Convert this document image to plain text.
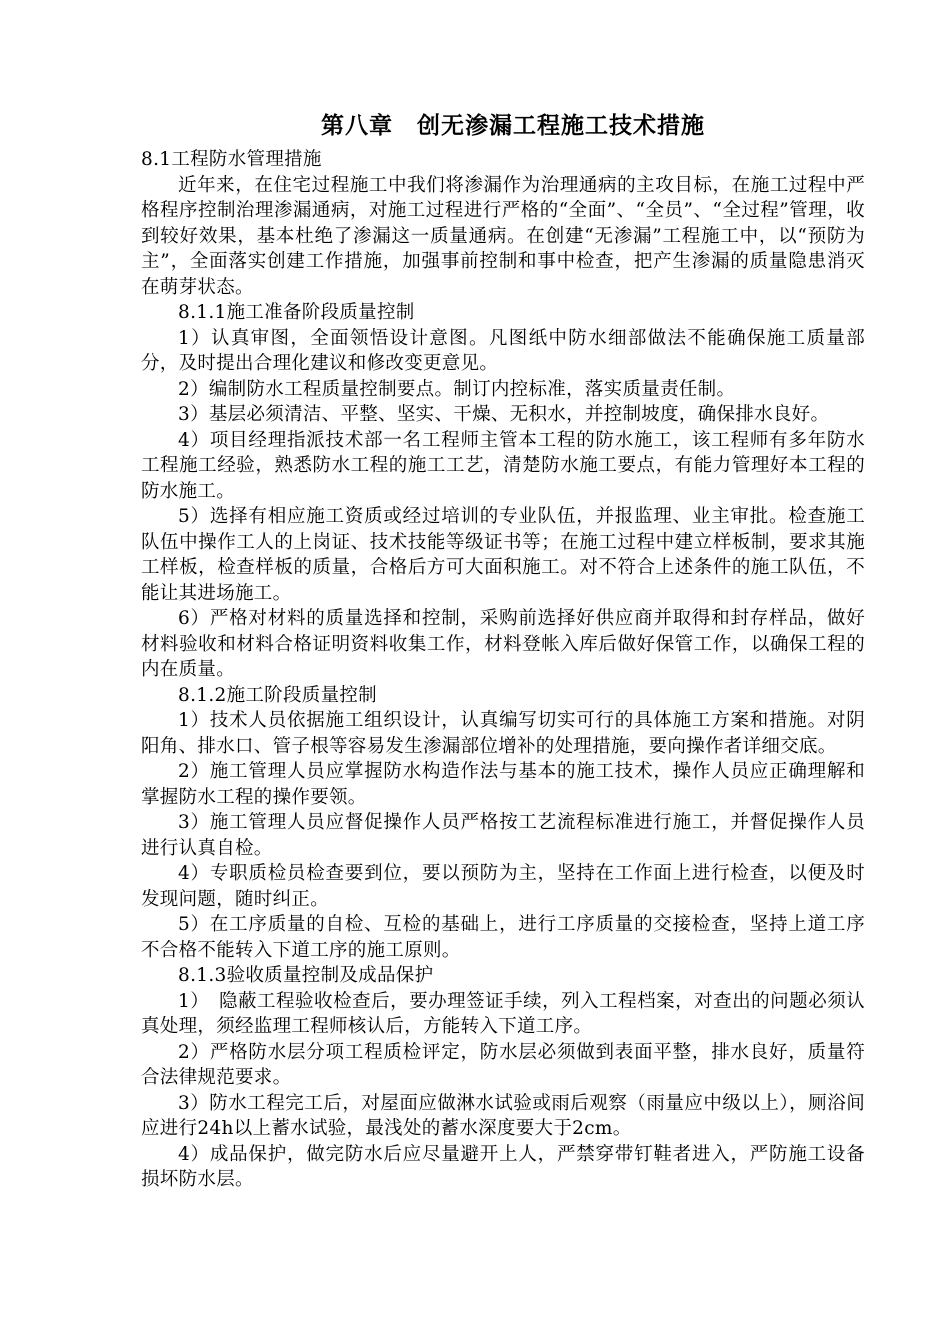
第八章　创无渗漏工程施工技术措施
8.1工程防水管理措施
近年来，在住宅过程施工中我们将渗漏作为治理通病的主攻目标，在施工过程中严格程序控制治理渗漏通病，对施工过程进行严格的“全面”、“全员”、“全过程”管理，收到较好效果，基本杜绝了渗漏这一质量通病。在创建“无渗漏”工程施工中，以“预防为主”，全面落实创建工作措施，加强事前控制和事中检查，把产生渗漏的质量隐患消灭在萌芽状态。
8.1.1施工准备阶段质量控制
1）认真审图，全面领悟设计意图。凡图纸中防水细部做法不能确保施工质量部分，及时提出合理化建议和修改变更意见。
2）编制防水工程质量控制要点。制订内控标准，落实质量责任制。
3）基层必须清洁、平整、坚实、干燥、无积水，并控制坡度，确保排水良好。
4）项目经理指派技术部一名工程师主管本工程的防水施工，该工程师有多年防水工程施工经验，熟悉防水工程的施工工艺，清楚防水施工要点，有能力管理好本工程的防水施工。
5）选择有相应施工资质或经过培训的专业队伍，并报监理、业主审批。检查施工队伍中操作工人的上岗证、技术技能等级证书等；在施工过程中建立样板制，要求其施工样板，检查样板的质量，合格后方可大面积施工。对不符合上述条件的施工队伍，不能让其进场施工。
6）严格对材料的质量选择和控制，采购前选择好供应商并取得和封存样品，做好材料验收和材料合格证明资料收集工作，材料登帐入库后做好保管工作，以确保工程的内在质量。
8.1.2施工阶段质量控制
1）技术人员依据施工组织设计，认真编写切实可行的具体施工方案和措施。对阴阳角、排水口、管子根等容易发生渗漏部位增补的处理措施，要向操作者详细交底。
2）施工管理人员应掌握防水构造作法与基本的施工技术，操作人员应正确理解和掌握防水工程的操作要领。
3）施工管理人员应督促操作人员严格按工艺流程标准进行施工，并督促操作人员进行认真自检。
4）专职质检员检查要到位，要以预防为主，坚持在工作面上进行检查，以便及时发现问题，随时纠正。
5）在工序质量的自检、互检的基础上，进行工序质量的交接检查，坚持上道工序不合格不能转入下道工序的施工原则。
8.1.3验收质量控制及成品保护
1）　隐蔽工程验收检查后，要办理签证手续，列入工程档案，对查出的问题必须认真处理，须经监理工程师核认后，方能转入下道工序。
2）严格防水层分项工程质检评定，防水层必须做到表面平整，排水良好，质量符合法律规范要求。
3）防水工程完工后，对屋面应做淋水试验或雨后观察（雨量应中级以上），厕浴间应进行24h以上蓄水试验，最浅处的蓄水深度要大于2cm。
4）成品保护，做完防水后应尽量避开上人，严禁穿带钉鞋者进入，严防施工设备损坏防水层。
